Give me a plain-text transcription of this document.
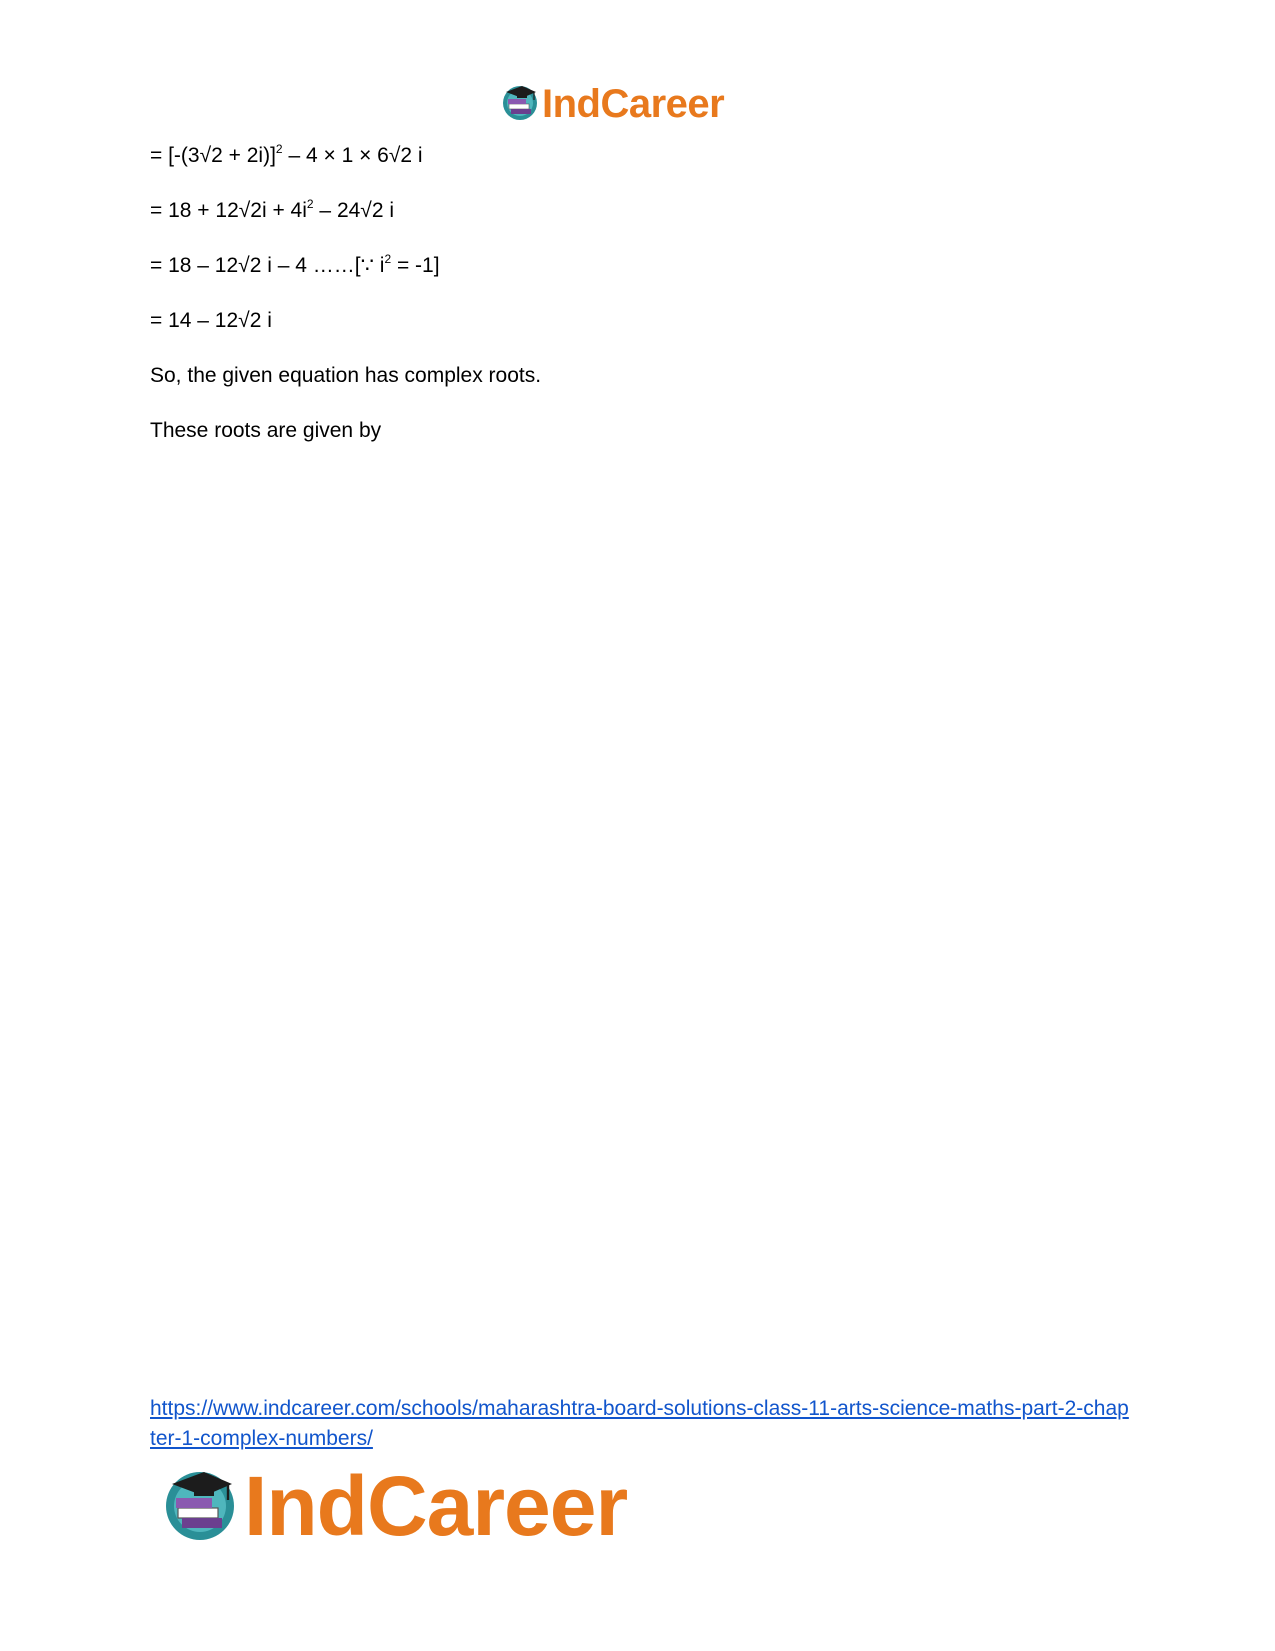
IndCareer
= $[-(3√2 + 2i)]^2 - 4 \times 1 \times 6√2$ i
= $18 + 12√2i + 4i^2 - 24√2$ i
= 18 – 12√2 i – 4 ……[∵ $i^2 = -1$]
= 14 – 12√2 i
So, the given equation has complex roots.
These roots are given by
https://www.indcareer.com/schools/maharashtra-board-solutions-class-11-arts-science-maths-part-2-chapter-1-complex-numbers/
IndCareer
